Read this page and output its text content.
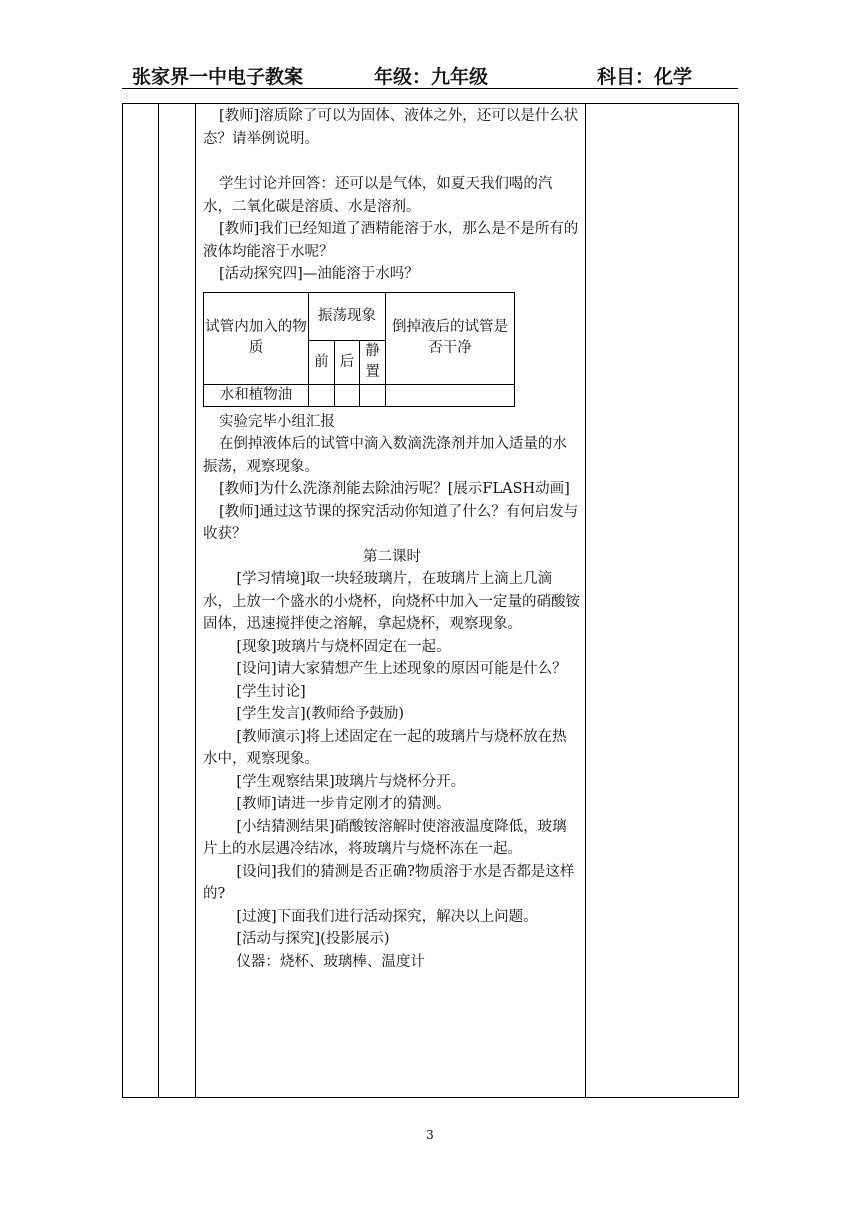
张家界一中电子教案	年级：九年级	科目：化学

[教师]溶质除了可以为固体、液体之外，还可以是什么状态？请举例说明。

学生讨论并回答：还可以是气体，如夏天我们喝的汽水，二氧化碳是溶质、水是溶剂。

[教师]我们已经知道了酒精能溶于水，那么是不是所有的液体均能溶于水呢？

[活动探究四]—油能溶于水吗？

试管内加入的物质	振荡现象			倒掉液后的试管是否干净
	前	后	静置	
水和植物油				

实验完毕小组汇报

在倒掉液体后的试管中滴入数滴洗涤剂并加入适量的水振荡，观察现象。

[教师]为什么洗涤剂能去除油污呢？[展示FLASH动画]

[教师]通过这节课的探究活动你知道了什么？有何启发与收获？

第二课时

[学习情境]取一块轻玻璃片，在玻璃片上滴上几滴水，上放一个盛水的小烧杯，向烧杯中加入一定量的硝酸铵固体，迅速搅拌使之溶解，拿起烧杯，观察现象。

[现象]玻璃片与烧杯固定在一起。

[设问]请大家猜想产生上述现象的原因可能是什么？

[学生讨论]

[学生发言](教师给予鼓励)

[教师演示]将上述固定在一起的玻璃片与烧杯放在热水中，观察现象。

[学生观察结果]玻璃片与烧杯分开。

[教师]请进一步肯定刚才的猜测。

[小结猜测结果]硝酸铵溶解时使溶液温度降低，玻璃片上的水层遇冷结冰，将玻璃片与烧杯冻在一起。

[设问]我们的猜测是否正确?物质溶于水是否都是这样的?

[过渡]下面我们进行活动探究，解决以上问题。

[活动与探究](投影展示)

仪器：烧杯、玻璃棒、温度计

3
